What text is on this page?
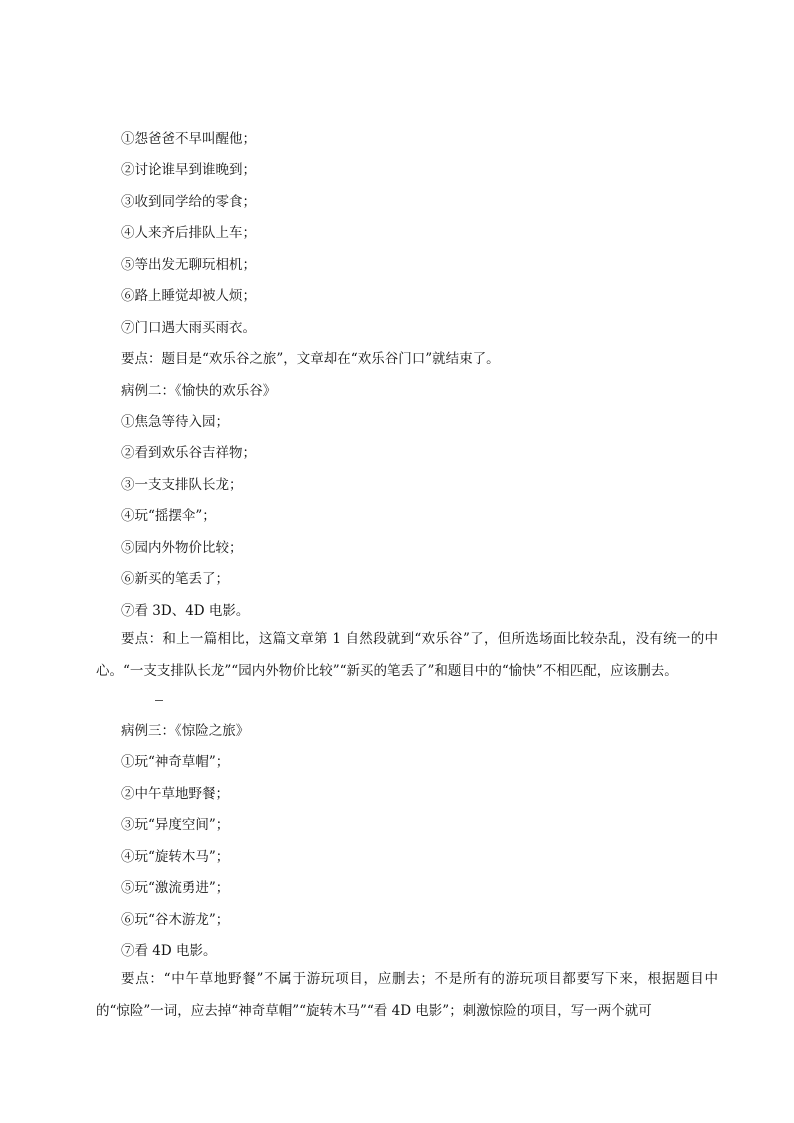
①怨爸爸不早叫醒他；
②讨论谁早到谁晚到；
③收到同学给的零食；
④人来齐后排队上车；
⑤等出发无聊玩相机；
⑥路上睡觉却被人烦；
⑦门口遇大雨买雨衣。
要点：题目是“欢乐谷之旅”，文章却在“欢乐谷门口”就结束了。
病例二：《愉快的欢乐谷》
①焦急等待入园；
②看到欢乐谷吉祥物；
③一支支排队长龙；
④玩“摇摆伞”；
⑤园内外物价比较；
⑥新买的笔丢了；
⑦看 3D、4D 电影。
要点：和上一篇相比，这篇文章第 1 自然段就到“欢乐谷”了，但所选场面比较杂乱，没有统一的中心。“一支支排队长龙”“园内外物价比较”“新买的笔丢了”和题目中的“愉快”不相匹配，应该删去。
病例三：《惊险之旅》
①玩“神奇草帽”；
②中午草地野餐；
③玩“异度空间”；
④玩“旋转木马”；
⑤玩“激流勇进”；
⑥玩“谷木游龙”；
⑦看 4D 电影。
要点：“中午草地野餐”不属于游玩项目，应删去；不是所有的游玩项目都要写下来，根据题目中的“惊险”一词，应去掉“神奇草帽”“旋转木马”“看 4D 电影”；刺激惊险的项目，写一两个就可
